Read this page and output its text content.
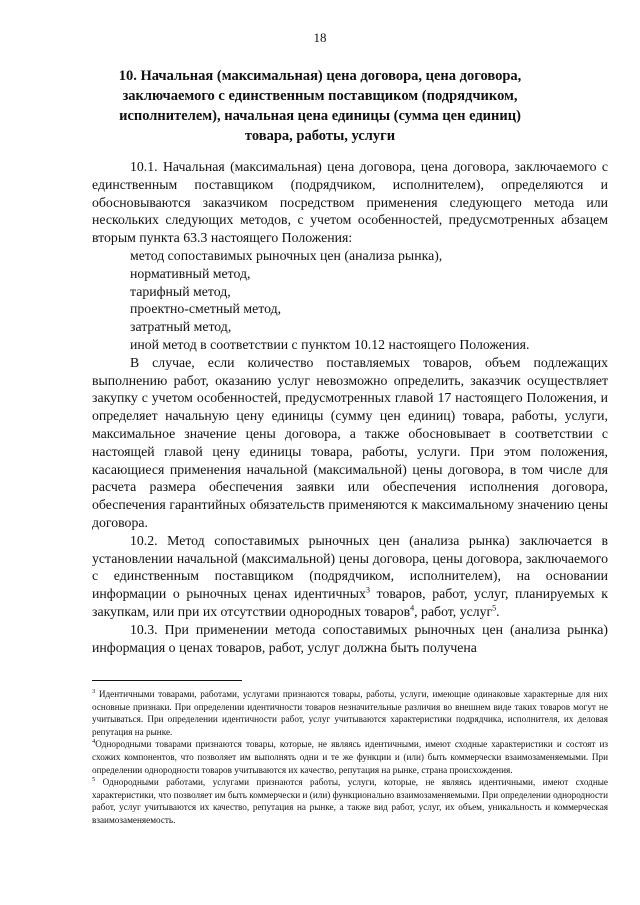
18
10. Начальная (максимальная) цена договора, цена договора, заключаемого с единственным поставщиком (подрядчиком, исполнителем), начальная цена единицы (сумма цен единиц) товара, работы, услуги

10.1. Начальная (максимальная) цена договора, цена договора, заключаемого с единственным поставщиком (подрядчиком, исполнителем), определяются и обосновываются заказчиком посредством применения следующего метода или нескольких следующих методов, с учетом особенностей, предусмотренных абзацем вторым пункта 63.3 настоящего Положения:

метод сопоставимых рыночных цен (анализа рынка),

нормативный метод,

тарифный метод,

проектно-сметный метод,

затратный метод,

иной метод в соответствии с пунктом 10.12 настоящего Положения.

В случае, если количество поставляемых товаров, объем подлежащих выполнению работ, оказанию услуг невозможно определить, заказчик осуществляет закупку с учетом особенностей, предусмотренных главой 17 настоящего Положения, и определяет начальную цену единицы (сумму цен единиц) товара, работы, услуги, максимальное значение цены договора, а также обосновывает в соответствии с настоящей главой цену единицы товара, работы, услуги. При этом положения, касающиеся применения начальной (максимальной) цены договора, в том числе для расчета размера обеспечения заявки или обеспечения исполнения договора, обеспечения гарантийных обязательств применяются к максимальному значению цены договора.

10.2. Метод сопоставимых рыночных цен (анализа рынка) заключается в установлении начальной (максимальной) цены договора, цены договора, заключаемого с единственным поставщиком (подрядчиком, исполнителем), на основании информации о рыночных ценах идентичных$^3$ товаров, работ, услуг, планируемых к закупкам, или при их отсутствии однородных товаров$^4$, работ, услуг$^5$.

10.3. При применении метода сопоставимых рыночных цен (анализа рынка) информация о ценах товаров, работ, услуг должна быть получена

$^3$ Идентичными товарами, работами, услугами признаются товары, работы, услуги, имеющие одинаковые характерные для них основные признаки. При определении идентичности товаров незначительные различия во внешнем виде таких товаров могут не учитываться. При определении идентичности работ, услуг учитываются характеристики подрядчика, исполнителя, их деловая репутация на рынке.

$^4$Однородными товарами признаются товары, которые, не являясь идентичными, имеют сходные характеристики и состоят из схожих компонентов, что позволяет им выполнять одни и те же функции и (или) быть коммерчески взаимозаменяемыми. При определении однородности товаров учитываются их качество, репутация на рынке, страна происхождения.

$^5$ Однородными работами, услугами признаются работы, услуги, которые, не являясь идентичными, имеют сходные характеристики, что позволяет им быть коммерчески и (или) функционально взаимозаменяемыми. При определении однородности работ, услуг учитываются их качество, репутация на рынке, а также вид работ, услуг, их объем, уникальность и коммерческая взаимозаменяемость.
